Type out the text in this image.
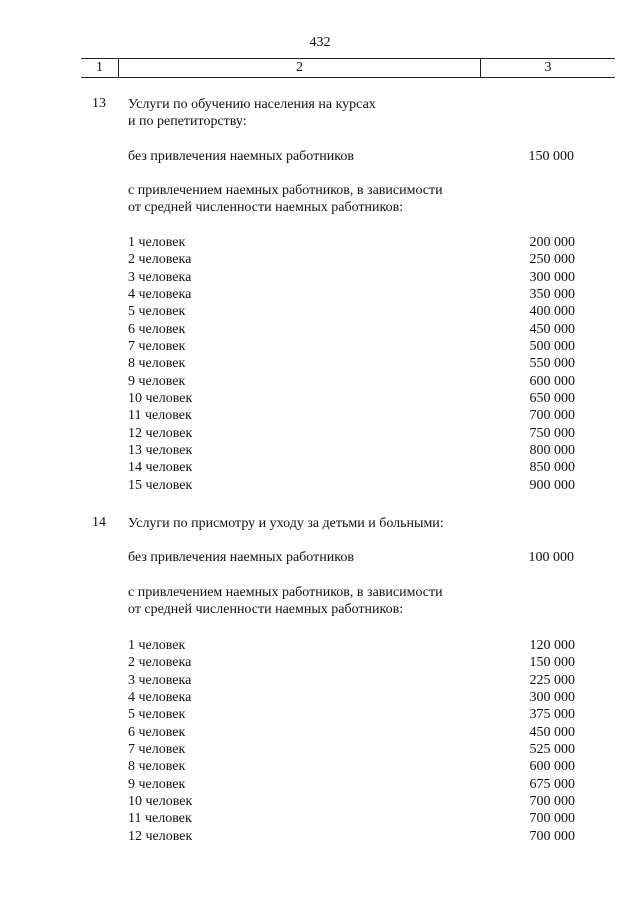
432
1	2	3
13 Услуги по обучению населения на курсах
и по репетиторству:
без привлечения наемных работников	150 000
с привлечением наемных работников, в зависимости
от средней численности наемных работников:
1 человек	200 000
2 человека	250 000
3 человека	300 000
4 человека	350 000
5 человек	400 000
6 человек	450 000
7 человек	500 000
8 человек	550 000
9 человек	600 000
10 человек	650 000
11 человек	700 000
12 человек	750 000
13 человек	800 000
14 человек	850 000
15 человек	900 000
14 Услуги по присмотру и уходу за детьми и больными:
без привлечения наемных работников	100 000
с привлечением наемных работников, в зависимости
от средней численности наемных работников:
1 человек	120 000
2 человека	150 000
3 человека	225 000
4 человека	300 000
5 человек	375 000
6 человек	450 000
7 человек	525 000
8 человек	600 000
9 человек	675 000
10 человек	700 000
11 человек	700 000
12 человек	700 000
